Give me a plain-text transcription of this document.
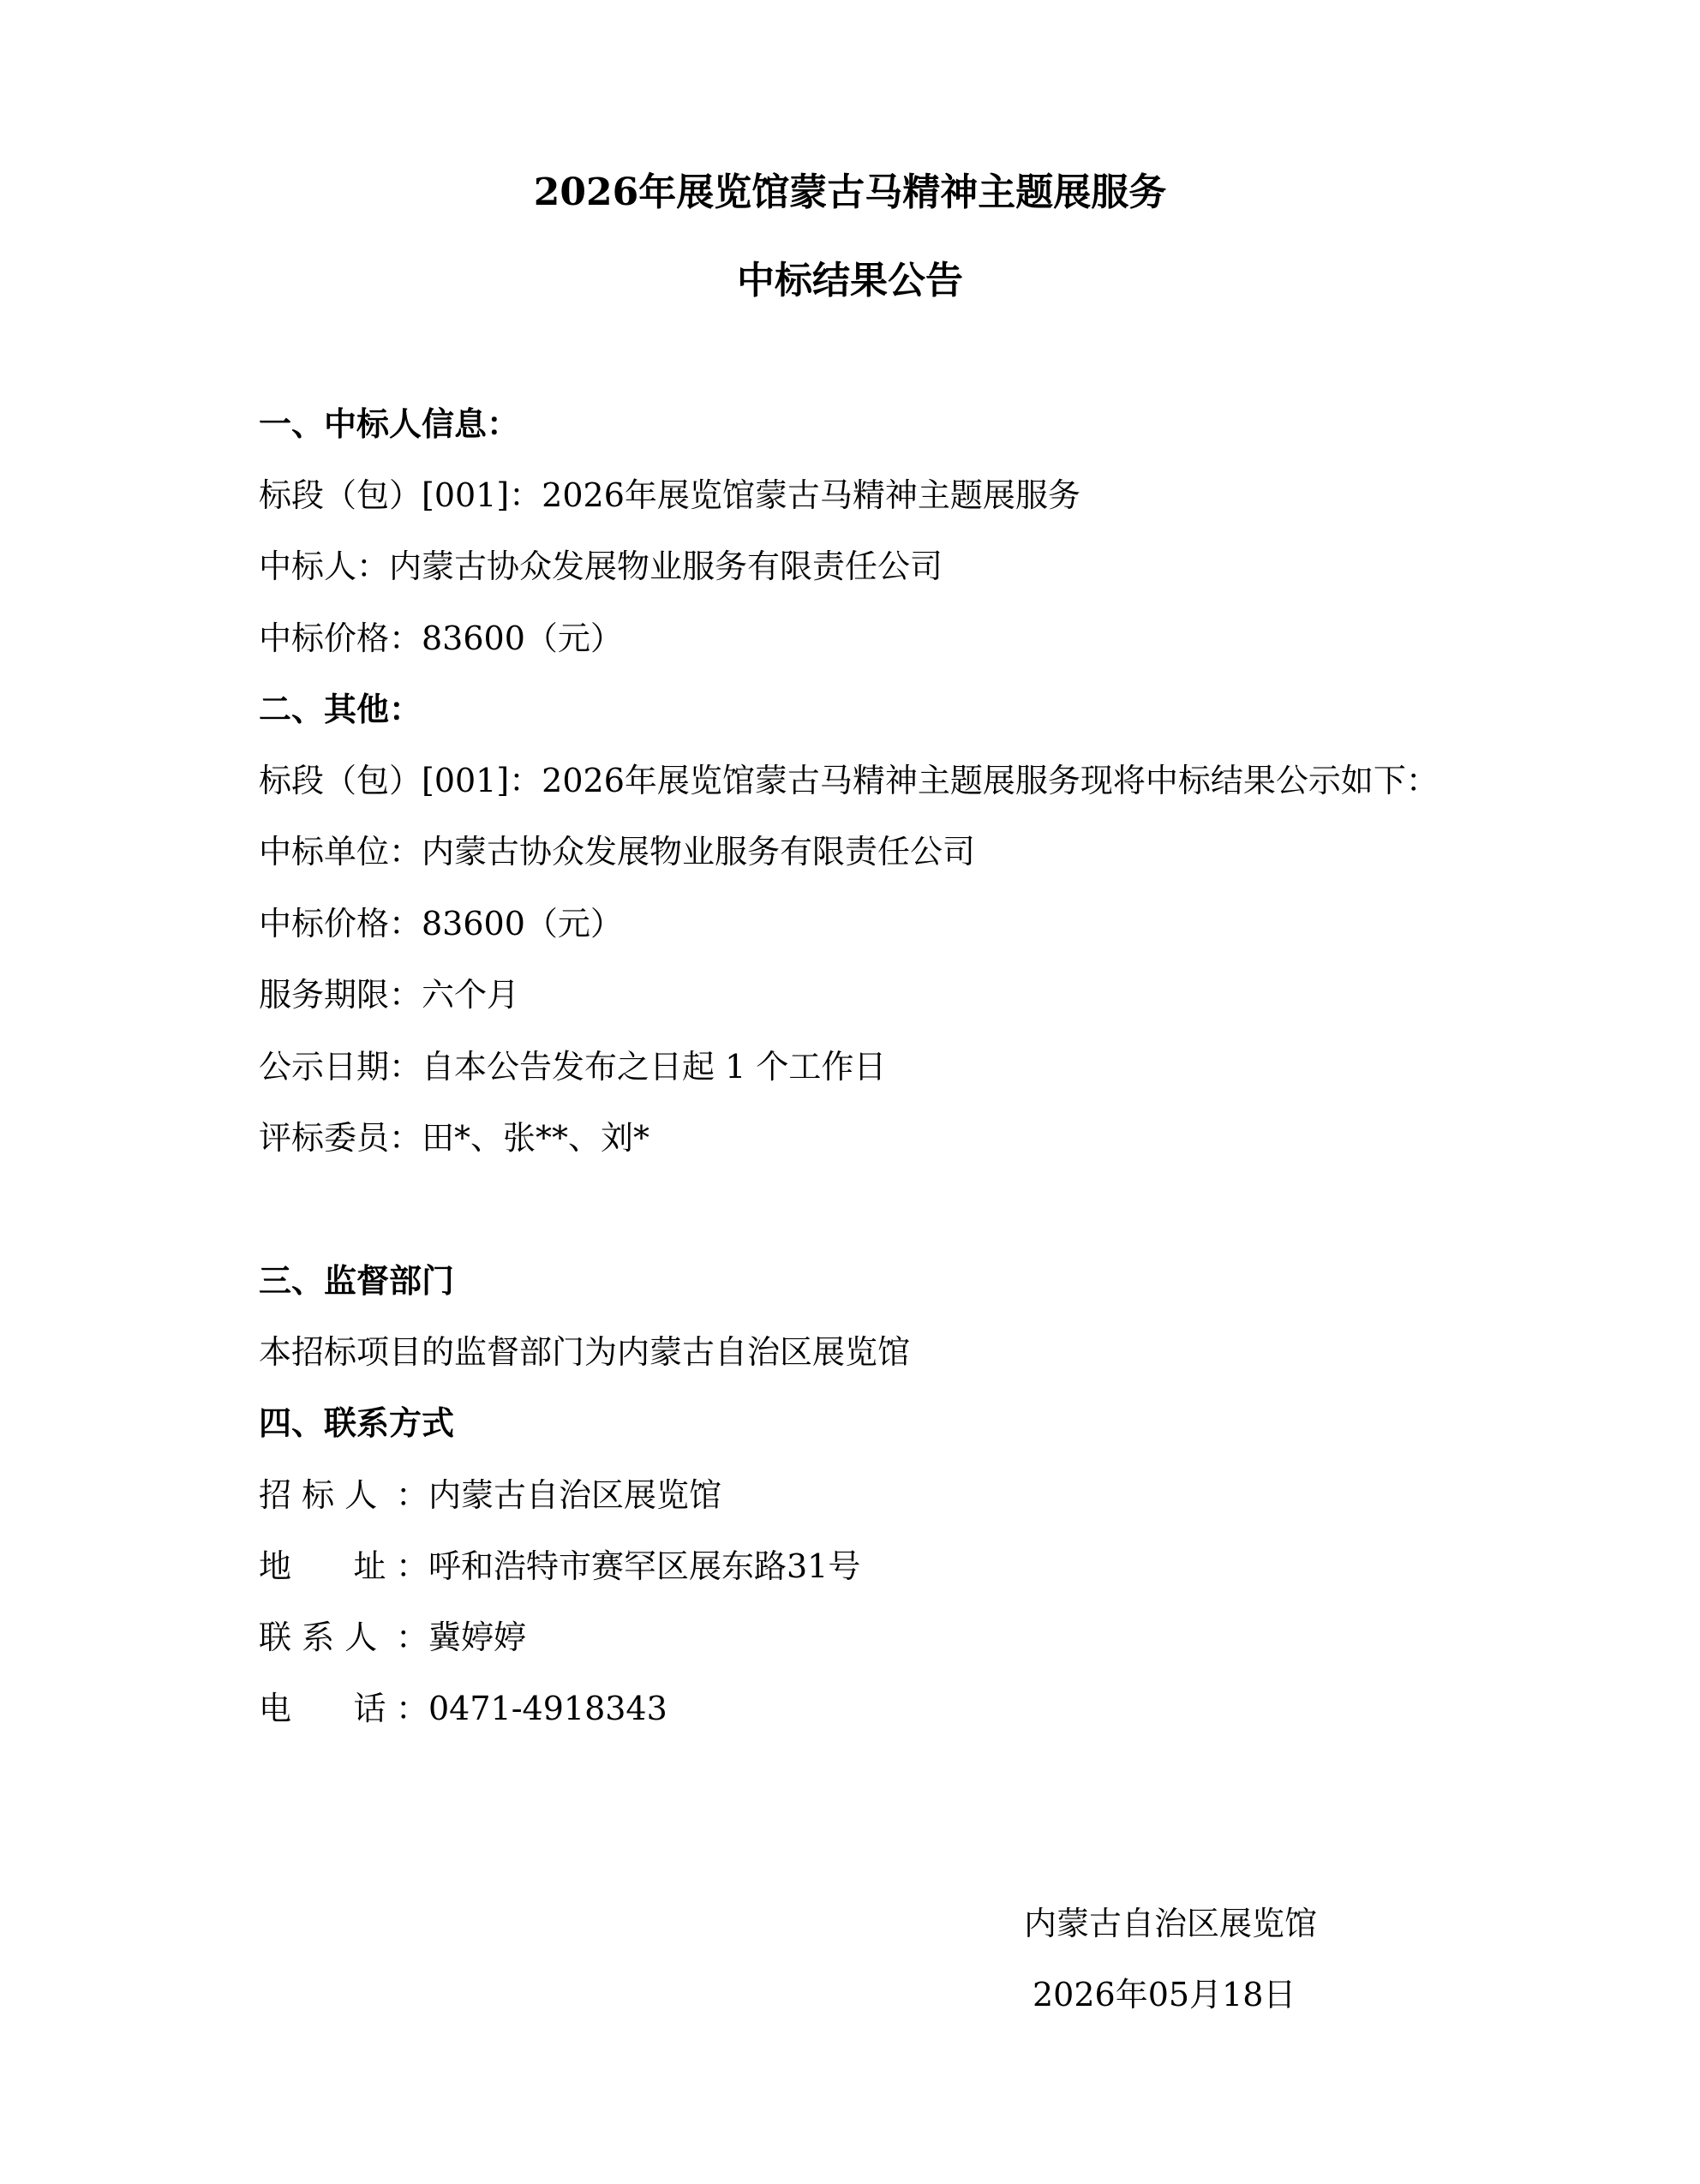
2026年展览馆蒙古马精神主题展服务
中标结果公告
一、中标人信息：
标段（包）[001]：2026年展览馆蒙古马精神主题展服务
中标人：内蒙古协众发展物业服务有限责任公司
中标价格：83600（元）
二、其他：
标段（包）[001]：2026年展览馆蒙古马精神主题展服务现将中标结果公示如下：
中标单位：内蒙古协众发展物业服务有限责任公司
中标价格：83600（元）
服务期限：六个月
公示日期：自本公告发布之日起 1 个工作日
评标委员：田*、张**、刘*
三、监督部门
本招标项目的监督部门为内蒙古自治区展览馆
四、联系方式
招 标 人 ：内蒙古自治区展览馆
地      址 ：呼和浩特市赛罕区展东路31号
联 系 人 ：冀婷婷
电      话 ：0471-4918343
内蒙古自治区展览馆
2026年05月18日
